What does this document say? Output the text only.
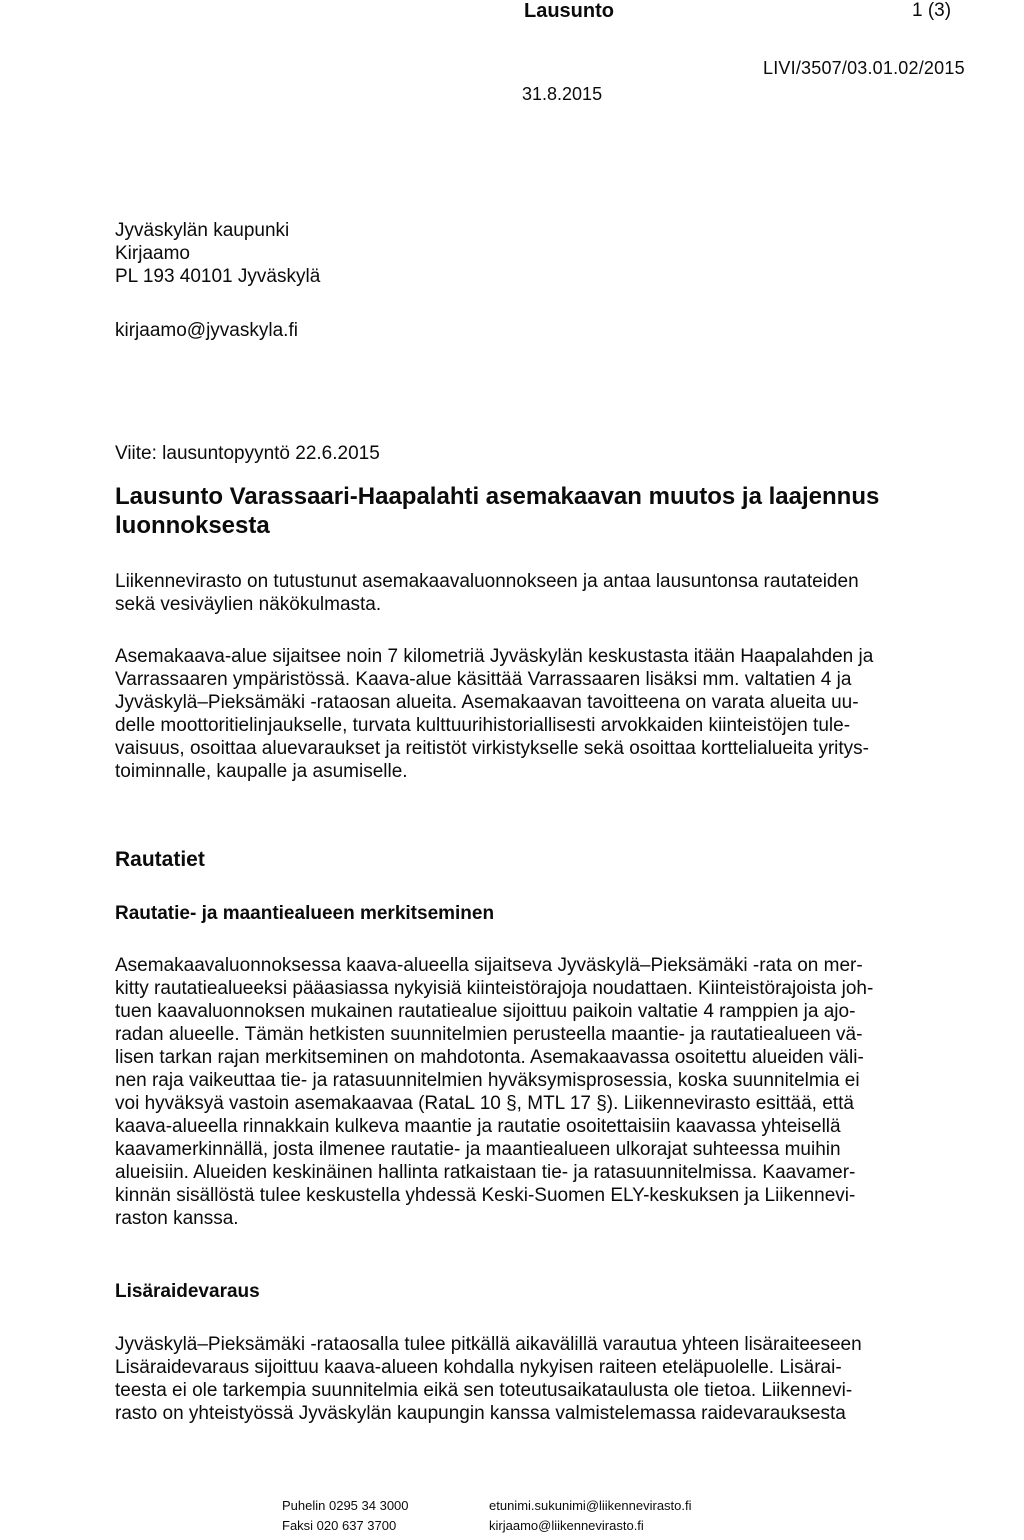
Lausunto	1 (3)
LIVI/3507/03.01.02/2015
31.8.2015
Jyväskylän kaupunki
Kirjaamo
PL 193 40101 Jyväskylä
kirjaamo@jyvaskyla.fi
Viite: lausuntopyyntö 22.6.2015
Lausunto Varassaari-Haapalahti asemakaavan muutos ja laajennus luonnoksesta
Liikennevirasto on tutustunut asemakaavaluonnokseen ja antaa lausuntonsa rautateiden
sekä vesiväylien näkökulmasta.
Asemakaava-alue sijaitsee noin 7 kilometriä Jyväskylän keskustasta itään Haapalahden ja
Varrassaaren ympäristössä. Kaava-alue käsittää Varrassaaren lisäksi mm. valtatien 4 ja
Jyväskylä–Pieksämäki -rataosan alueita. Asemakaavan tavoitteena on varata alueita uu-
delle moottoritielinjaukselle, turvata kulttuurihistoriallisesti arvokkaiden kiinteistöjen tule-
vaisuus, osoittaa aluevaraukset ja reitistöt virkistykselle sekä osoittaa korttelialueita yritys-
toiminnalle, kaupalle ja asumiselle.
Rautatiet
Rautatie- ja maantiealueen merkitseminen
Asemakaavaluonnoksessa kaava-alueella sijaitseva Jyväskylä–Pieksämäki -rata on mer-
kitty rautatiealueeksi pääasiassa nykyisiä kiinteistörajoja noudattaen. Kiinteistörajoista joh-
tuen kaavaluonnoksen mukainen rautatiealue sijoittuu paikoin valtatie 4 ramppien ja ajo-
radan alueelle. Tämän hetkisten suunnitelmien perusteella maantie- ja rautatiealueen vä-
lisen tarkan rajan merkitseminen on mahdotonta. Asemakaavassa osoitettu alueiden väli-
nen raja vaikeuttaa tie- ja ratasuunnitelmien hyväksymisprosessia, koska suunnitelmia ei
voi hyväksyä vastoin asemakaavaa (RataL 10 §, MTL 17 §). Liikennevirasto esittää, että
kaava-alueella rinnakkain kulkeva maantie ja rautatie osoitettaisiin kaavassa yhteisellä
kaavamerkinnällä, josta ilmenee rautatie- ja maantiealueen ulkorajat suhteessa muihin
alueisiin. Alueiden keskinäinen hallinta ratkaistaan tie- ja ratasuunnitelmissa. Kaavamer-
kinnän sisällöstä tulee keskustella yhdessä Keski-Suomen ELY-keskuksen ja Liikennevi-
raston kanssa.
Lisäraidevaraus
Jyväskylä–Pieksämäki -rataosalla tulee pitkällä aikavälillä varautua yhteen lisäraiteeseen
Lisäraidevaraus sijoittuu kaava-alueen kohdalla nykyisen raiteen eteläpuolelle. Lisärai-
teesta ei ole tarkempia suunnitelmia eikä sen toteutusaikataulusta ole tietoa. Liikennevi-
rasto on yhteistyössä Jyväskylän kaupungin kanssa valmistelemassa raidevarauksesta
Puhelin 0295 34 3000
Faksi 020 637 3700
etunimi.sukunimi@liikennevirasto.fi
kirjaamo@liikennevirasto.fi
